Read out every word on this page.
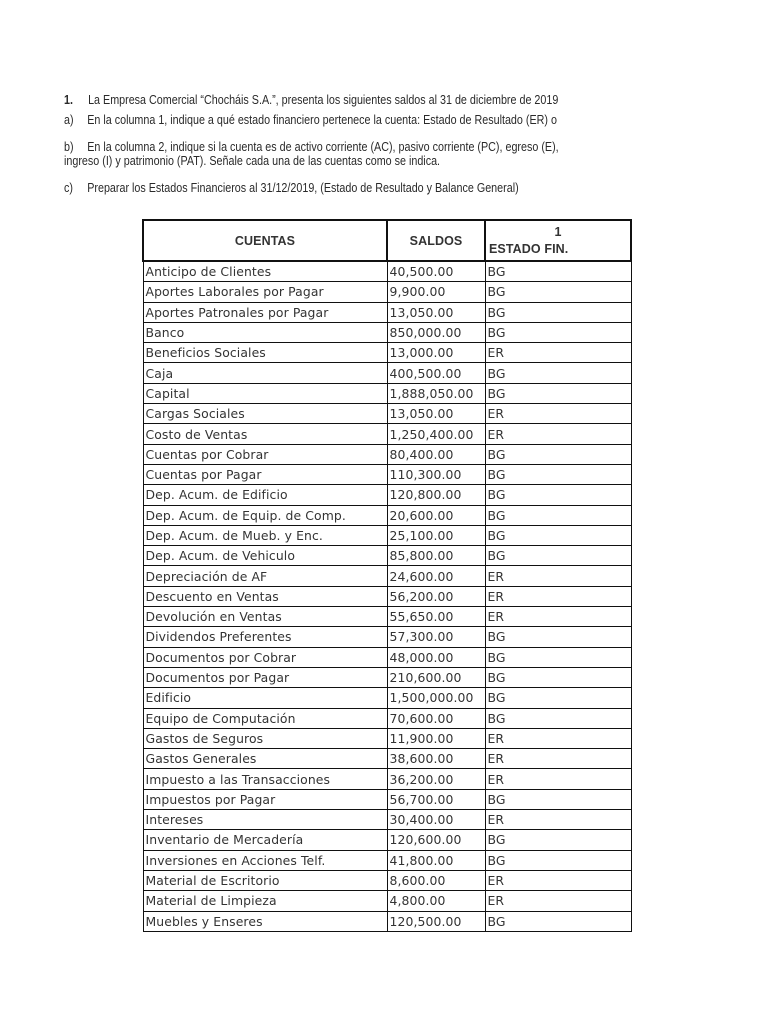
1. La Empresa Comercial “Chocháis S.A.”, presenta los siguientes saldos al 31 de diciembre de 2019
a) En la columna 1, indique a qué estado financiero pertenece la cuenta: Estado de Resultado (ER) o
b) En la columna 2, indique si la cuenta es de activo corriente (AC), pasivo corriente (PC), egreso (E),
ingreso (I) y patrimonio (PAT). Señale cada una de las cuentas como se indica.
c) Preparar los Estados Financieros al 31/12/2019, (Estado de Resultado y Balance General)
CUENTAS	SALDOS	1
ESTADO FIN.

Anticipo de Clientes	40,500.00	BG
Aportes Laborales por Pagar	9,900.00	BG
Aportes Patronales por Pagar	13,050.00	BG
Banco	850,000.00	BG
Beneficios Sociales	13,000.00	ER
Caja	400,500.00	BG
Capital	1,888,050.00	BG
Cargas Sociales	13,050.00	ER
Costo de Ventas	1,250,400.00	ER
Cuentas por Cobrar	80,400.00	BG
Cuentas por Pagar	110,300.00	BG
Dep. Acum. de Edificio	120,800.00	BG
Dep. Acum. de Equip. de Comp.	20,600.00	BG
Dep. Acum. de Mueb. y Enc.	25,100.00	BG
Dep. Acum. de Vehiculo	85,800.00	BG
Depreciación de AF	24,600.00	ER
Descuento en Ventas	56,200.00	ER
Devolución en Ventas	55,650.00	ER
Dividendos Preferentes	57,300.00	BG
Documentos por Cobrar	48,000.00	BG
Documentos por Pagar	210,600.00	BG
Edificio	1,500,000.00	BG
Equipo de Computación	70,600.00	BG
Gastos de Seguros	11,900.00	ER
Gastos Generales	38,600.00	ER
Impuesto a las Transacciones	36,200.00	ER
Impuestos por Pagar	56,700.00	BG
Intereses	30,400.00	ER
Inventario de Mercadería	120,600.00	BG
Inversiones en Acciones Telf.	41,800.00	BG
Material de Escritorio	8,600.00	ER
Material de Limpieza	4,800.00	ER
Muebles y Enseres	120,500.00	BG
